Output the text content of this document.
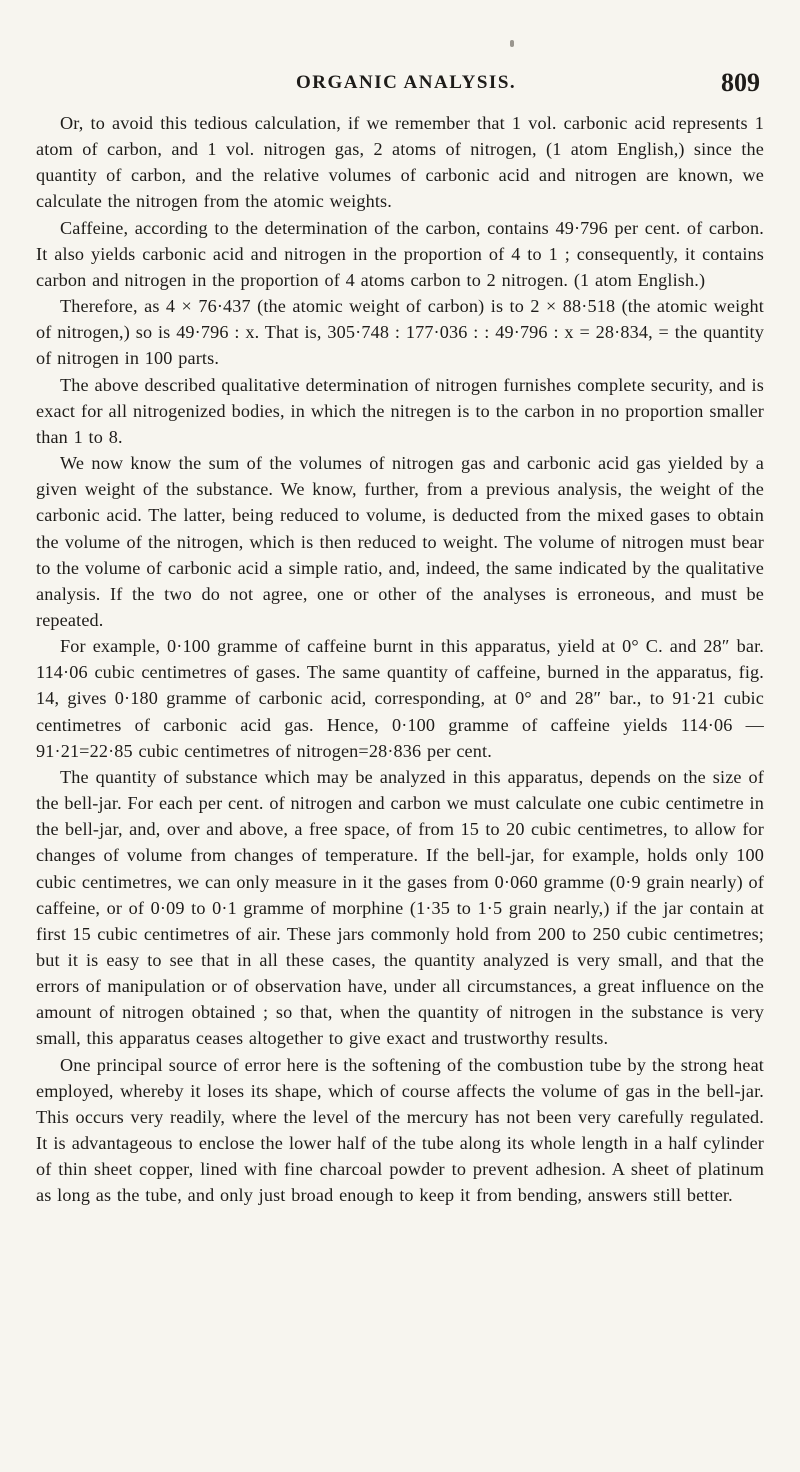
ORGANIC ANALYSIS.	809

Or, to avoid this tedious calculation, if we remember that 1 vol. carbonic acid represents 1 atom of carbon, and 1 vol. nitrogen gas, 2 atoms of nitrogen, (1 atom English,) since the quantity of carbon, and the relative volumes of carbonic acid and nitrogen are known, we calculate the nitrogen from the atomic weights.

Caffeine, according to the determination of the carbon, contains 49·796 per cent. of carbon. It also yields carbonic acid and nitrogen in the proportion of 4 to 1 ; consequently, it contains carbon and nitrogen in the proportion of 4 atoms carbon to 2 nitrogen. (1 atom English.)

Therefore, as 4 × 76·437 (the atomic weight of carbon) is to 2 × 88·518 (the atomic weight of nitrogen,) so is 49·796 : x. That is, 305·748 : 177·036 : : 49·796 : x = 28·834, = the quantity of nitrogen in 100 parts.

The above described qualitative determination of nitrogen furnishes complete security, and is exact for all nitrogenized bodies, in which the nitregen is to the carbon in no proportion smaller than 1 to 8.

We now know the sum of the volumes of nitrogen gas and carbonic acid gas yielded by a given weight of the substance. We know, further, from a previous analysis, the weight of the carbonic acid. The latter, being reduced to volume, is deducted from the mixed gases to obtain the volume of the nitrogen, which is then reduced to weight. The volume of nitrogen must bear to the volume of carbonic acid a simple ratio, and, indeed, the same indicated by the qualitative analysis. If the two do not agree, one or other of the analyses is erroneous, and must be repeated.

For example, 0·100 gramme of caffeine burnt in this apparatus, yield at 0° C. and 28″ bar. 114·06 cubic centimetres of gases. The same quantity of caffeine, burned in the apparatus, fig. 14, gives 0·180 gramme of carbonic acid, corresponding, at 0° and 28″ bar., to 91·21 cubic centimetres of carbonic acid gas. Hence, 0·100 gramme of caffeine yields 114·06 — 91·21=22·85 cubic centimetres of nitrogen=28·836 per cent.

The quantity of substance which may be analyzed in this apparatus, depends on the size of the bell-jar. For each per cent. of nitrogen and carbon we must calculate one cubic centimetre in the bell-jar, and, over and above, a free space, of from 15 to 20 cubic centimetres, to allow for changes of volume from changes of temperature. If the bell-jar, for example, holds only 100 cubic centimetres, we can only measure in it the gases from 0·060 gramme (0·9 grain nearly) of caffeine, or of 0·09 to 0·1 gramme of morphine (1·35 to 1·5 grain nearly,) if the jar contain at first 15 cubic centimetres of air. These jars commonly hold from 200 to 250 cubic centimetres; but it is easy to see that in all these cases, the quantity analyzed is very small, and that the errors of manipulation or of observation have, under all circumstances, a great influence on the amount of nitrogen obtained ; so that, when the quantity of nitrogen in the substance is very small, this apparatus ceases altogether to give exact and trustworthy results.

One principal source of error here is the softening of the combustion tube by the strong heat employed, whereby it loses its shape, which of course affects the volume of gas in the bell-jar. This occurs very readily, where the level of the mercury has not been very carefully regulated. It is advantageous to enclose the lower half of the tube along its whole length in a half cylinder of thin sheet copper, lined with fine charcoal powder to prevent adhesion. A sheet of platinum as long as the tube, and only just broad enough to keep it from bending, answers still better.
